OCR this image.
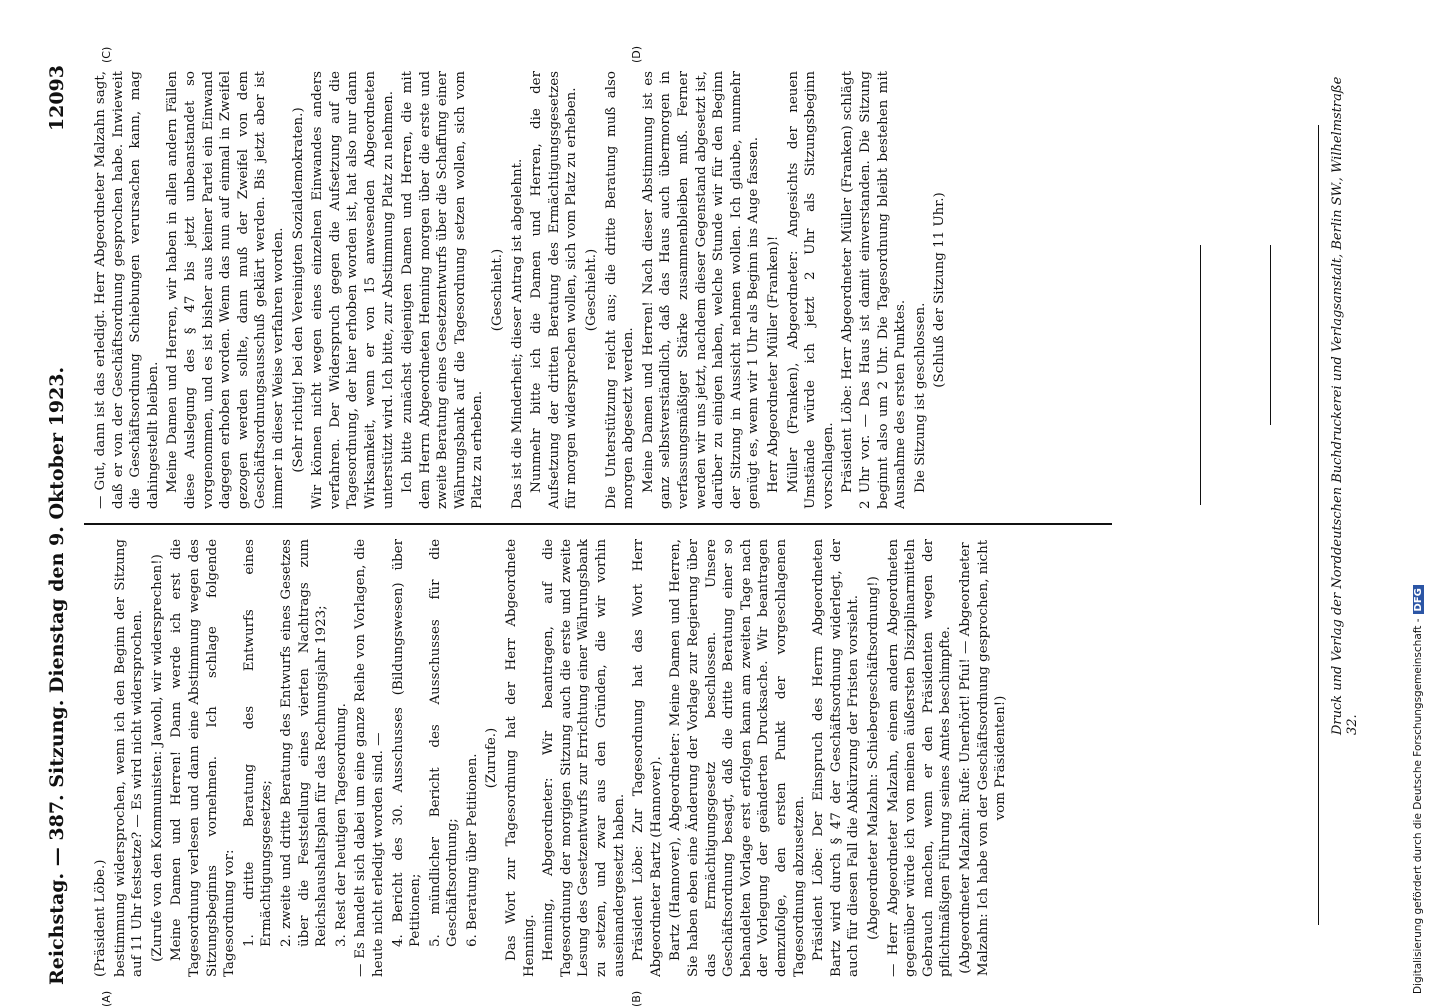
Reichstag. — 387. Sitzung. Dienstag den 9. Oktober 1923.
12093
(A)	(B)
(C)	(D)

(Präsident Löbe.) bestimmung widersprochen, wenn ich den Beginn der Sitzung auf 11 Uhr festsetze? — Es wird nicht widersprochen. (Zurufe von den Kommunisten: Jawohl, wir widersprechen!) Meine Damen und Herren! Dann werde ich erst die Tagesordnung verlesen und dann eine Abstimmung wegen des Sitzungsbeginns vornehmen. Ich schlage folgende Tagesordnung vor: 1. dritte Beratung des Entwurfs eines Ermächtigungsgesetzes; 2. zweite und dritte Beratung des Entwurfs eines Gesetzes über die Feststellung eines vierten Nachtrags zum Reichshaushaltsplan für das Rechnungsjahr 1923; 3. Rest der heutigen Tagesordnung. — Es handelt sich dabei um eine ganze Reihe von Vorlagen, die heute nicht erledigt worden sind. — 4. Bericht des 30. Ausschusses (Bildungswesen) über Petitionen; 5. mündlicher Bericht des Ausschusses für die Geschäftsordnung; 6. Beratung über Petitionen. (Zurufe.) Das Wort zur Tagesordnung hat der Herr Abgeordnete Henning. Henning, Abgeordneter: Wir beantragen, auf die Tagesordnung der morgigen Sitzung auch die erste und zweite Lesung des Gesetzentwurfs zur Errichtung einer Währungsbank zu setzen, und zwar aus den Gründen, die wir vorhin auseinandergesetzt haben. Präsident Löbe: Zur Tagesordnung hat das Wort Herr Abgeordneter Bartz (Hannover). Bartz (Hannover), Abgeordneter: Meine Damen und Herren, Sie haben eben eine Änderung der Vorlage zur Regierung über das Ermächtigungsgesetz beschlossen. Unsere Geschäftsordnung besagt, daß die dritte Beratung einer so behandelten Vorlage erst erfolgen kann am zweiten Tage nach der Vorlegung der geänderten Drucksache. Wir beantragen demzufolge, den ersten Punkt der vorgeschlagenen Tagesordnung abzusetzen. Präsident Löbe: Der Einspruch des Herrn Abgeordneten Bartz wird durch § 47 der Geschäftsordnung widerlegt, der auch für diesen Fall die Abkürzung der Fristen vorsieht. (Abgeordneter Malzahn: Schiebergeschäftsordnung!) — Herr Abgeordneter Malzahn, einem andern Abgeordneten gegenüber würde ich von meinen äußersten Disziplinarmitteln Gebrauch machen, wenn er den Präsidenten wegen der pflichtmäßigen Führung seines Amtes beschimpfte. (Abgeordneter Malzahn: Rufe: Unerhört! Pfui! — Abgeordneter Malzahn: Ich habe von der Geschäftsordnung gesprochen, nicht vom Präsidenten!)

— Gut, dann ist das erledigt. Herr Abgeordneter Malzahn sagt, daß er von der Geschäftsordnung gesprochen habe. Inwieweit die Geschäftsordnung Schiebungen verursachen kann, mag dahingestellt bleiben. Meine Damen und Herren, wir haben in allen andern Fällen diese Auslegung des § 47 bis jetzt unbeanstandet so vorgenommen, und es ist bisher aus keiner Partei ein Einwand dagegen erhoben worden. Wenn das nun auf einmal in Zweifel gezogen werden sollte, dann muß der Zweifel von dem Geschäftsordnungsausschuß geklärt werden. Bis jetzt aber ist immer in dieser Weise verfahren worden. (Sehr richtig! bei den Vereinigten Sozialdemokraten.) Wir können nicht wegen eines einzelnen Einwandes anders verfahren. Der Widerspruch gegen die Aufsetzung auf die Tagesordnung, der hier erhoben worden ist, hat also nur dann Wirksamkeit, wenn er von 15 anwesenden Abgeordneten unterstützt wird. Ich bitte, zur Abstimmung Platz zu nehmen. Ich bitte zunächst diejenigen Damen und Herren, die mit dem Herrn Abgeordneten Henning morgen über die erste und zweite Beratung eines Gesetzentwurfs über die Schaffung einer Währungsbank auf die Tagesordnung setzen wollen, sich vom Platz zu erheben.

(Geschieht.) Das ist die Minderheit; dieser Antrag ist abgelehnt. Nunmehr bitte ich die Damen und Herren, die der Aufsetzung der dritten Beratung des Ermächtigungsgesetzes für morgen widersprechen wollen, sich vom Platz zu erheben. (Geschieht.) Die Unterstützung reicht aus; die dritte Beratung muß also morgen abgesetzt werden. Meine Damen und Herren! Nach dieser Abstimmung ist es ganz selbstverständlich, daß das Haus auch übermorgen in verfassungsmäßiger Stärke zusammenbleiben muß. Ferner werden wir uns jetzt, nachdem dieser Gegenstand abgesetzt ist, darüber zu einigen haben, welche Stunde wir für den Beginn der Sitzung in Aussicht nehmen wollen. Ich glaube, nunmehr genügt es, wenn wir 1 Uhr als Beginn ins Auge fassen. Herr Abgeordneter Müller (Franken)! Müller (Franken), Abgeordneter: Angesichts der neuen Umstände würde ich jetzt 2 Uhr als Sitzungsbeginn vorschlagen. Präsident Löbe: Herr Abgeordneter Müller (Franken) schlägt 2 Uhr vor. — Das Haus ist damit einverstanden. Die Sitzung beginnt also um 2 Uhr. Die Tagesordnung bleibt bestehen mit Ausnahme des ersten Punktes. Die Sitzung ist geschlossen.

(Schluß der Sitzung 11 Uhr.)	Druck und Verlag der Norddeutschen Buchdruckerei und Verlagsanstalt, Berlin SW., Wilhelmstraße 32.	Digitalisierung gefördert durch die Deutsche Forschungsgemeinschaft -DFG
